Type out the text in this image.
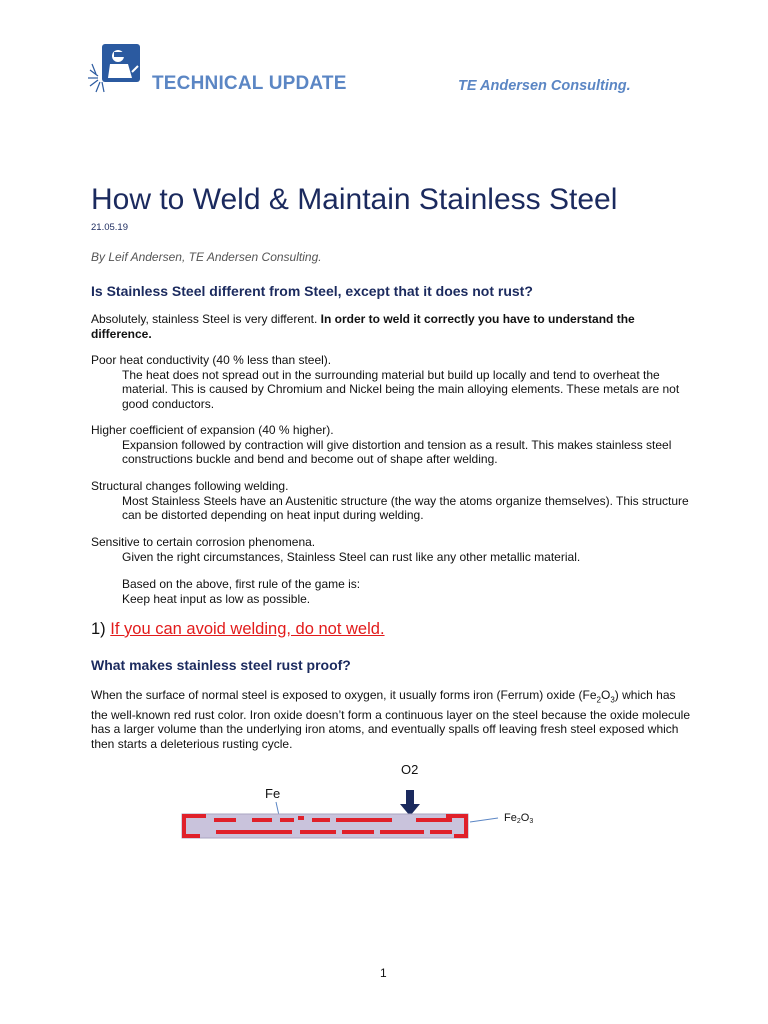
TECHNICAL UPDATE	TE Andersen Consulting.
How to Weld & Maintain Stainless Steel
21.05.19
By Leif Andersen, TE Andersen Consulting.
Is Stainless Steel different from Steel, except that it does not rust?

Absolutely, stainless Steel is very different. In order to weld it correctly you have to understand the difference.

Poor heat conductivity (40 % less than steel).
The heat does not spread out in the surrounding material but build up locally and tend to overheat the material. This is caused by Chromium and Nickel being the main alloying elements. These metals are not good conductors.

Higher coefficient of expansion (40 % higher).
Expansion followed by contraction will give distortion and tension as a result. This makes stainless steel constructions buckle and bend and become out of shape after welding.

Structural changes following welding.
Most Stainless Steels have an Austenitic structure (the way the atoms organize themselves). This structure can be distorted depending on heat input during welding.

Sensitive to certain corrosion phenomena.
Given the right circumstances, Stainless Steel can rust like any other metallic material.

Based on the above, first rule of the game is:
Keep heat input as low as possible.

1) If you can avoid welding, do not weld.
What makes stainless steel rust proof?

When the surface of normal steel is exposed to oxygen, it usually forms iron (Ferrum) oxide $(Fe_2O_3)$ which has the well-known red rust color. Iron oxide doesn’t form a continuous layer on the steel because the oxide molecule has a larger volume than the underlying iron atoms, and eventually spalls off leaving fresh steel exposed which then starts a deleterious rusting cycle.

O2
Fe
Fe2O3
1
